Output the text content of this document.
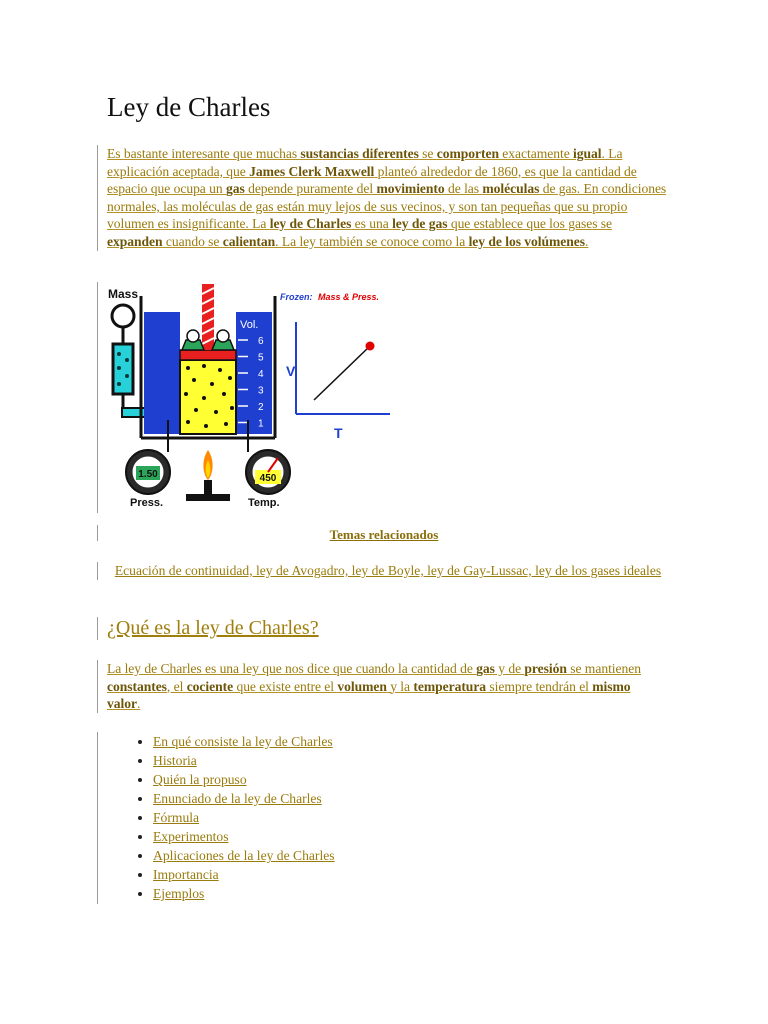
Ley de Charles
Es bastante interesante que muchas sustancias diferentes se comporten exactamente igual. La explicación aceptada, que James Clerk Maxwell planteó alrededor de 1860, es que la cantidad de espacio que ocupa un gas depende puramente del movimiento de las moléculas de gas. En condiciones normales, las moléculas de gas están muy lejos de sus vecinos, y son tan pequeñas que su propio volumen es insignificante. La ley de Charles es una ley de gas que establece que los gases se expanden cuando se calientan. La ley también se conoce como la ley de los volúmenes.
Mass
Vol.
6
5
4
3
2
1
1.50
Press.
450
Temp.
Frozen: Mass & Press.
V
T
Temas relacionados
Ecuación de continuidad, ley de Avogadro, ley de Boyle, ley de Gay-Lussac, ley de los gases ideales
¿Qué es la ley de Charles?
La ley de Charles es una ley que nos dice que cuando la cantidad de gas y de presión se mantienen constantes, el cociente que existe entre el volumen y la temperatura siempre tendrán el mismo valor.
• En qué consiste la ley de Charles
• Historia
• Quién la propuso
• Enunciado de la ley de Charles
• Fórmula
• Experimentos
• Aplicaciones de la ley de Charles
• Importancia
• Ejemplos
